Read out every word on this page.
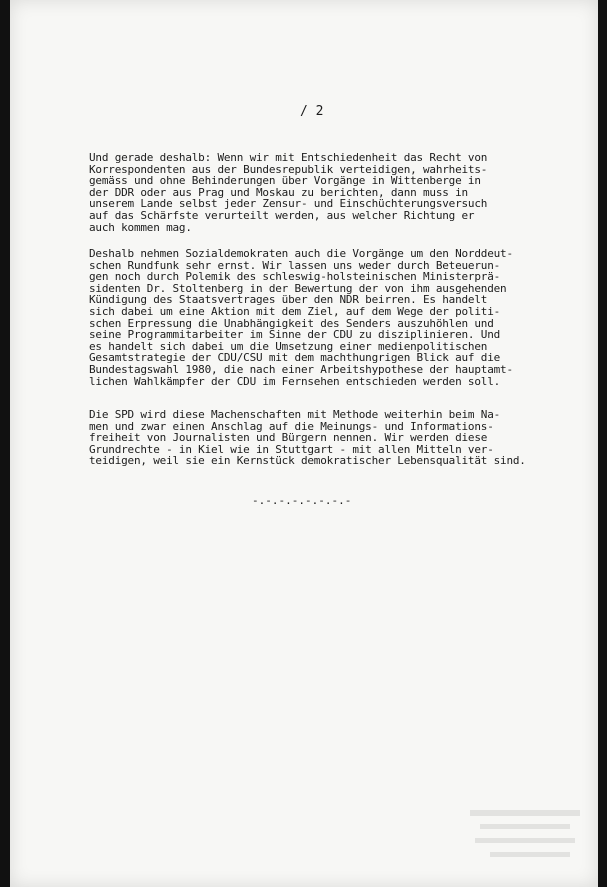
/ 2
Und gerade deshalb: Wenn wir mit Entschiedenheit das Recht von
Korrespondenten aus der Bundesrepublik verteidigen, wahrheits-
gemäss und ohne Behinderungen über Vorgänge in Wittenberge in
der DDR oder aus Prag und Moskau zu berichten, dann muss in
unserem Lande selbst jeder Zensur- und Einschüchterungsversuch
auf das Schärfste verurteilt werden, aus welcher Richtung er
auch kommen mag.
Deshalb nehmen Sozialdemokraten auch die Vorgänge um den Norddeut-
schen Rundfunk sehr ernst. Wir lassen uns weder durch Beteuerun-
gen noch durch Polemik des schleswig-holsteinischen Ministerprä-
sidenten Dr. Stoltenberg in der Bewertung der von ihm ausgehenden
Kündigung des Staatsvertrages über den NDR beirren. Es handelt
sich dabei um eine Aktion mit dem Ziel, auf dem Wege der politi-
schen Erpressung die Unabhängigkeit des Senders auszuhöhlen und
seine Programmitarbeiter im Sinne der CDU zu disziplinieren. Und
es handelt sich dabei um die Umsetzung einer medienpolitischen
Gesamtstrategie der CDU/CSU mit dem machthungrigen Blick auf die
Bundestagswahl 1980, die nach einer Arbeitshypothese der hauptamt-
lichen Wahlkämpfer der CDU im Fernsehen entschieden werden soll.
Die SPD wird diese Machenschaften mit Methode weiterhin beim Na-
men und zwar einen Anschlag auf die Meinungs- und Informations-
freiheit von Journalisten und Bürgern nennen. Wir werden diese
Grundrechte - in Kiel wie in Stuttgart - mit allen Mitteln ver-
teidigen, weil sie ein Kernstück demokratischer Lebensqualität sind.
-.-.-.-.-.-.-.-
